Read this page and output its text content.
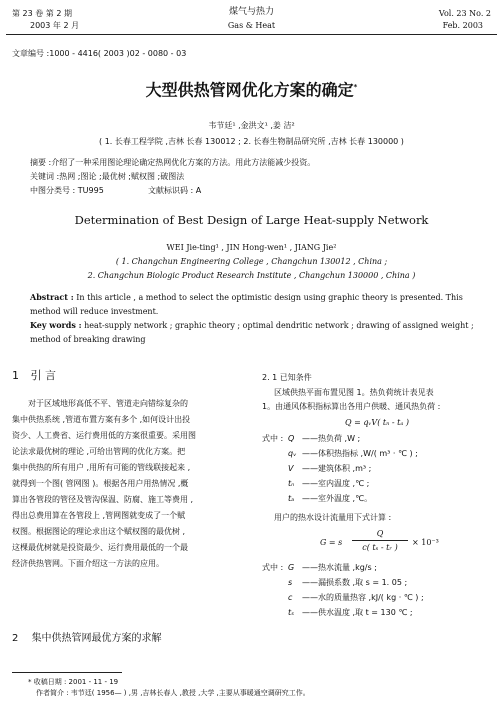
第 23 卷 第 2 期
2003 年 2 月
煤气与热力
Gas & Heat
Vol. 23 No. 2
Feb. 2003
文章编号 :1000 - 4416( 2003 )02 - 0080 - 03
大型供热管网优化方案的确定*
韦节廷¹ ,金洪文¹ ,姜 洁²
( 1. 长春工程学院 ,吉林 长春 130012 ; 2. 长春生物制品研究所 ,吉林 长春 130000 )
摘要 :介绍了一种采用图论理论确定热网优化方案的方法。用此方法能减少投资。
关键词 :热网 ;图论 ;最优树 ;赋权图 ;破图法
中图分类号 : TU995	文献标识码 : A
Determination of Best Design of Large Heat-supply Network
WEI Jie-ting¹ , JIN Hong-wen¹ , JIANG Jie²
( 1. Changchun Engineering College , Changchun 130012 , China ;
2. Changchun Biologic Product Research Institute , Changchun 130000 , China )
Abstract : In this article , a method to select the optimistic design using graphic theory is presented. This
method will reduce investment.
Key words : heat-supply network ; graphic theory ; optimal dendritic network ; drawing of assigned weight ;
method of breaking drawing
1 引 言
对于区域地形高低不平、管道走向错综复杂的
集中供热系统 ,管道布置方案有多个 ,如何设计出投
资少、人工费省、运行费用低的方案很重要。采用图
论法求最优树的理论 ,可给出管网的优化方案。把
集中供热的所有用户 ,用所有可能的管线联接起来 ,
就得到一个图( 管网图 )。根据各用户用热情况 ,概
算出各管段的管径及管沟保温、防腐、施工等费用 ,
得出总费用算在各管段上 ,管网图就变成了一个赋
权图。根据图论的理论求出这个赋权图的最优树 ,
这棵最优树就是投资最少、运行费用最低的一个最
经济供热管网。下面介绍这一方法的应用。
2 集中供热管网最优方案的求解
2. 1 已知条件
区域供热平面布置见图 1。热负荷统计表见表
1。由通风体积指标算出各用户供暖、通风热负荷 :
Q = qᵥV( tₙ - tₐ )
式中 : Q ——热负荷 ,W ;
qᵥ ——体积热指标 ,W/( m³ · ℃ ) ;
V ——建筑体积 ,m³ ;
tₙ ——室内温度 ,℃ ;
tₐ ——室外温度 ,℃。
用户的热水设计流量用下式计算 :
G = s
Q
c( tₛ - tᵣ )
× 10⁻³
式中 : G ——热水流量 ,kg/s ;
s ——漏损系数 ,取 s = 1. 05 ;
c ——水的质量热容 ,kJ/( kg · ℃ ) ;
tₛ ——供水温度 ,取 t = 130 ℃ ;
* 收稿日期 : 2001 - 11 - 19
作者简介 : 韦节廷( 1956— ) ,男 ,吉林长春人 ,教授 ,大学 ,主要从事暖通空调研究工作。
